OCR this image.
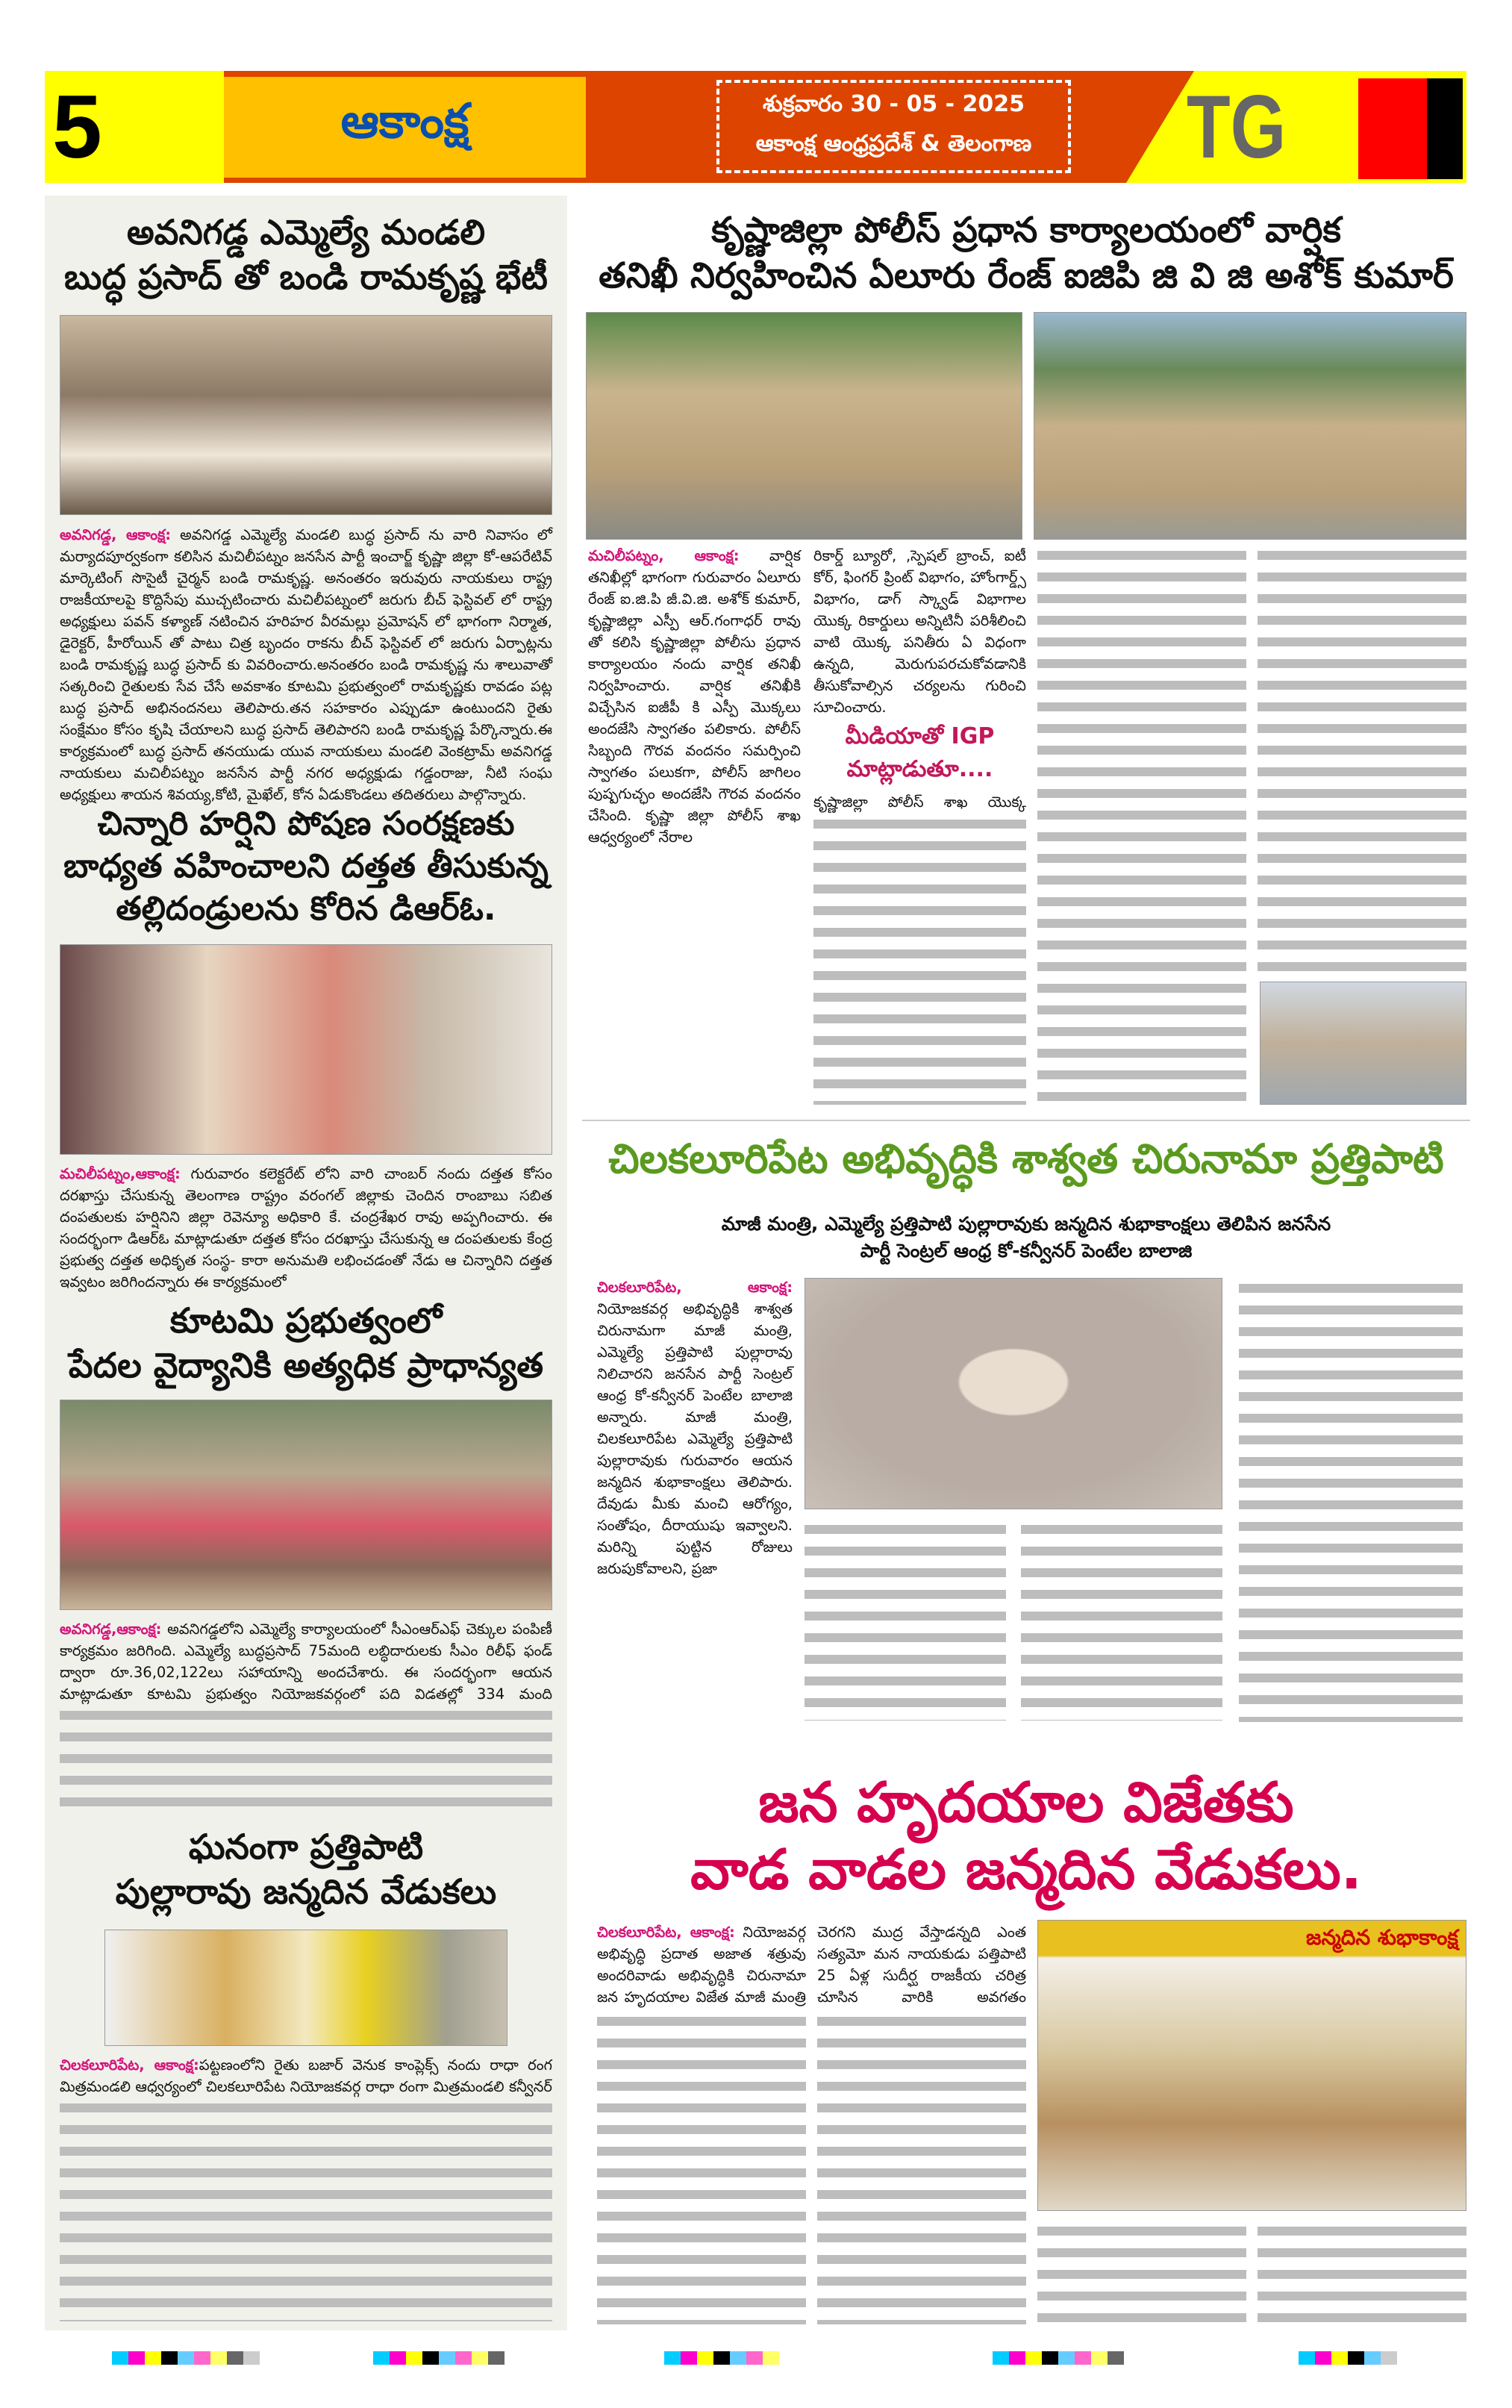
5	ఆకాంక్ష	శుక్రవారం 30 - 05 - 2025
ఆకాంక్ష ఆంధ్రప్రదేశ్ & తెలంగాణ	TG
అవనిగడ్డ ఎమ్మెల్యే మండలి
బుద్ధ ప్రసాద్ తో బండి రామకృష్ణ భేటీ
అవనిగడ్డ, ఆకాంక్ష: అవనిగడ్డ ఎమ్మెల్యే మండలి బుద్ధ ప్రసాద్ ను వారి నివాసం లో మర్యాదపూర్వకంగా కలిసిన మచిలీపట్నం జనసేన పార్టీ ఇంచార్జ్ కృష్ణా జిల్లా కో-ఆపరేటివ్ మార్కెటింగ్ సొసైటీ చైర్మన్ బండి రామకృష్ణ. అనంతరం ఇరువురు నాయకులు రాష్ట్ర రాజకీయాలపై కొద్దిసేపు ముచ్చటించారు మచిలీపట్నంలో జరుగు బీచ్ ఫెస్టివల్ లో రాష్ట్ర అధ్యక్షులు పవన్ కళ్యాణ్ నటించిన హరిహర వీరమల్లు ప్రమోషన్ లో భాగంగా నిర్మాత, డైరెక్టర్, హీరోయిన్ తో పాటు చిత్ర బృందం రాకను బీచ్ ఫెస్టివల్ లో జరుగు ఏర్పాట్లను బండి రామకృష్ణ బుద్ధ ప్రసాద్ కు వివరించారు.అనంతరం బండి రామకృష్ణ ను శాలువాతో సత్కరించి రైతులకు సేవ చేసే అవకాశం కూటమి ప్రభుత్వంలో రామకృష్ణకు రావడం పట్ల బుద్ధ ప్రసాద్ అభినందనలు తెలిపారు.తన సహకారం ఎప్పుడూ ఉంటుందని రైతు సంక్షేమం కోసం కృషి చేయాలని బుద్ధ ప్రసాద్ తెలిపారని బండి రామకృష్ణ పేర్కొన్నారు.ఈ కార్యక్రమంలో బుద్ధ ప్రసాద్ తనయుడు యువ నాయకులు మండలి వెంకట్రామ్ అవనిగడ్డ నాయకులు మచిలీపట్నం జనసేన పార్టీ నగర అధ్యక్షుడు గడ్డంరాజు, నీటి సంఘ అధ్యక్షులు శాయన శివయ్య,కోటి, మైఖేల్, కోన ఏడుకొండలు తదితరులు పాల్గొన్నారు.
చిన్నారి హర్షిని పోషణ సంరక్షణకు
బాధ్యత వహించాలని దత్తత తీసుకున్న
తల్లిదండ్రులను కోరిన డిఆర్ఓ.
మచిలీపట్నం,ఆకాంక్ష: గురువారం కలెక్టరేట్ లోని వారి చాంబర్ నందు దత్తత కోసం దరఖాస్తు చేసుకున్న తెలంగాణ రాష్ట్రం వరంగల్ జిల్లాకు చెందిన రాంబాబు సబిత దంపతులకు హర్షినిని జిల్లా రెవెన్యూ అధికారి కే. చంద్రశేఖర రావు అప్పగించారు. ఈ సందర్భంగా డిఆర్ఓ మాట్లాడుతూ దత్తత కోసం దరఖాస్తు చేసుకున్న ఆ దంపతులకు కేంద్ర ప్రభుత్వ దత్తత అధికృత సంస్థ- కారా అనుమతి లభించడంతో నేడు ఆ చిన్నారిని దత్తత ఇవ్వటం జరిగిందన్నారు ఈ కార్యక్రమంలో
కూటమి ప్రభుత్వంలో
పేదల వైద్యానికి అత్యధిక ప్రాధాన్యత
అవనిగడ్డ,ఆకాంక్ష: అవనిగడ్డలోని ఎమ్మెల్యే కార్యాలయంలో సీఎంఆర్ఎఫ్ చెక్కుల పంపిణీ కార్యక్రమం జరిగింది. ఎమ్మెల్యే బుద్ధప్రసాద్ 75మంది లబ్ధిదారులకు సీఎం రిలీఫ్ ఫండ్ ద్వారా రూ.36,02,122లు సహాయాన్ని అందచేశారు. ఈ సందర్భంగా ఆయన మాట్లాడుతూ కూటమి ప్రభుత్వం నియోజకవర్గంలో పది విడతల్లో 334 మంది
ఘనంగా ప్రత్తిపాటి
పుల్లారావు జన్మదిన వేడుకలు
చిలకలూరిపేట, ఆకాంక్ష:పట్టణంలోని రైతు బజార్ వెనుక కాంప్లెక్స్ నందు రాధా రంగ మిత్రమండలి ఆధ్వర్యంలో చిలకలూరిపేట నియోజకవర్గ రాధా రంగా మిత్రమండలి కన్వీనర్
కృష్ణాజిల్లా పోలీస్ ప్రధాన కార్యాలయంలో వార్షిక
తనిఖీ నిర్వహించిన ఏలూరు రేంజ్ ఐజిపి జి వి జి అశోక్ కుమార్
మచిలీపట్నం, ఆకాంక్ష: వార్షిక తనిఖీల్లో భాగంగా గురువారం ఏలూరు రేంజ్ ఐ.జి.పి జీ.వి.జి. అశోక్ కుమార్, కృష్ణాజిల్లా ఎస్పీ ఆర్.గంగాధర్ రావు తో కలిసి కృష్ణాజిల్లా పోలీసు ప్రధాన కార్యాలయం నందు వార్షిక తనిఖీ నిర్వహించారు. వార్షిక తనిఖీకి విచ్చేసిన ఐజీపీ కి ఎస్పీ మొక్కలు అందజేసి స్వాగతం పలికారు. పోలీస్ సిబ్బంది గౌరవ వందనం సమర్పించి స్వాగతం పలుకగా, పోలీస్ జాగిలం పుష్పగుచ్ఛం అందజేసి గౌరవ వందనం చేసింది. కృష్ణా జిల్లా పోలీస్ శాఖ ఆధ్వర్యంలో నేరాల
రికార్డ్ బ్యూరో, ,స్పెషల్ బ్రాంచ్, ఐటీ కోర్, ఫింగర్ ప్రింట్ విభాగం, హోంగార్డ్స్ విభాగం, డాగ్ స్క్వాడ్ విభాగాల యొక్క రికార్డులు అన్నిటినీ పరిశీలించి వాటి యొక్క పనితీరు ఏ విధంగా ఉన్నది, మెరుగుపరచుకోవడానికి తీసుకోవాల్సిన చర్యలను గురించి సూచించారు.
మీడియాతో IGP
మాట్లాడుతూ....
కృష్ణాజిల్లా పోలీస్ శాఖ యొక్క
చిలకలూరిపేట అభివృద్ధికి శాశ్వత చిరునామా ప్రత్తిపాటి
మాజీ మంత్రి, ఎమ్మెల్యే ప్రత్తిపాటి పుల్లారావుకు జన్మదిన శుభాకాంక్షలు తెలిపిన జనసేన
పార్టీ సెంట్రల్ ఆంధ్ర కో-కన్వీనర్ పెంటేల బాలాజి
చిలకలూరిపేట, ఆకాంక్ష: నియోజకవర్గ అభివృద్ధికి శాశ్వత చిరునామగా మాజీ మంత్రి, ఎమ్మెల్యే ప్రత్తిపాటి పుల్లారావు నిలిచారని జనసేన పార్టీ సెంట్రల్ ఆంధ్ర కో-కన్వీనర్ పెంటేల బాలాజి అన్నారు. మాజీ మంత్రి, చిలకలూరిపేట ఎమ్మెల్యే ప్రత్తిపాటి పుల్లారావుకు గురువారం ఆయన జన్మదిన శుభాకాంక్షలు తెలిపారు. దేవుడు మీకు మంచి ఆరోగ్యం, సంతోషం, దీరాయుషు ఇవ్వాలని. మరిన్ని పుట్టిన రోజులు జరుపుకోవాలని, ప్రజా
జన హృదయాల విజేతకు
వాడ వాడల జన్మదిన వేడుకలు.
చిలకలూరిపేట, ఆకాంక్ష: నియోజవర్గ అభివృద్ధి ప్రదాత అజాత శత్రువు అందరివాడు అభివృద్ధికి చిరునామా జన హృదయాల విజేత మాజీ మంత్రి
చెరగని ముద్ర వేస్తాడన్నది ఎంత సత్యమో మన నాయకుడు పత్తిపాటి 25 ఏళ్ల సుదీర్ఘ రాజకీయ చరిత్ర చూసిన వారికి అవగతం
జన్మదిన శుభాకాంక్ష
